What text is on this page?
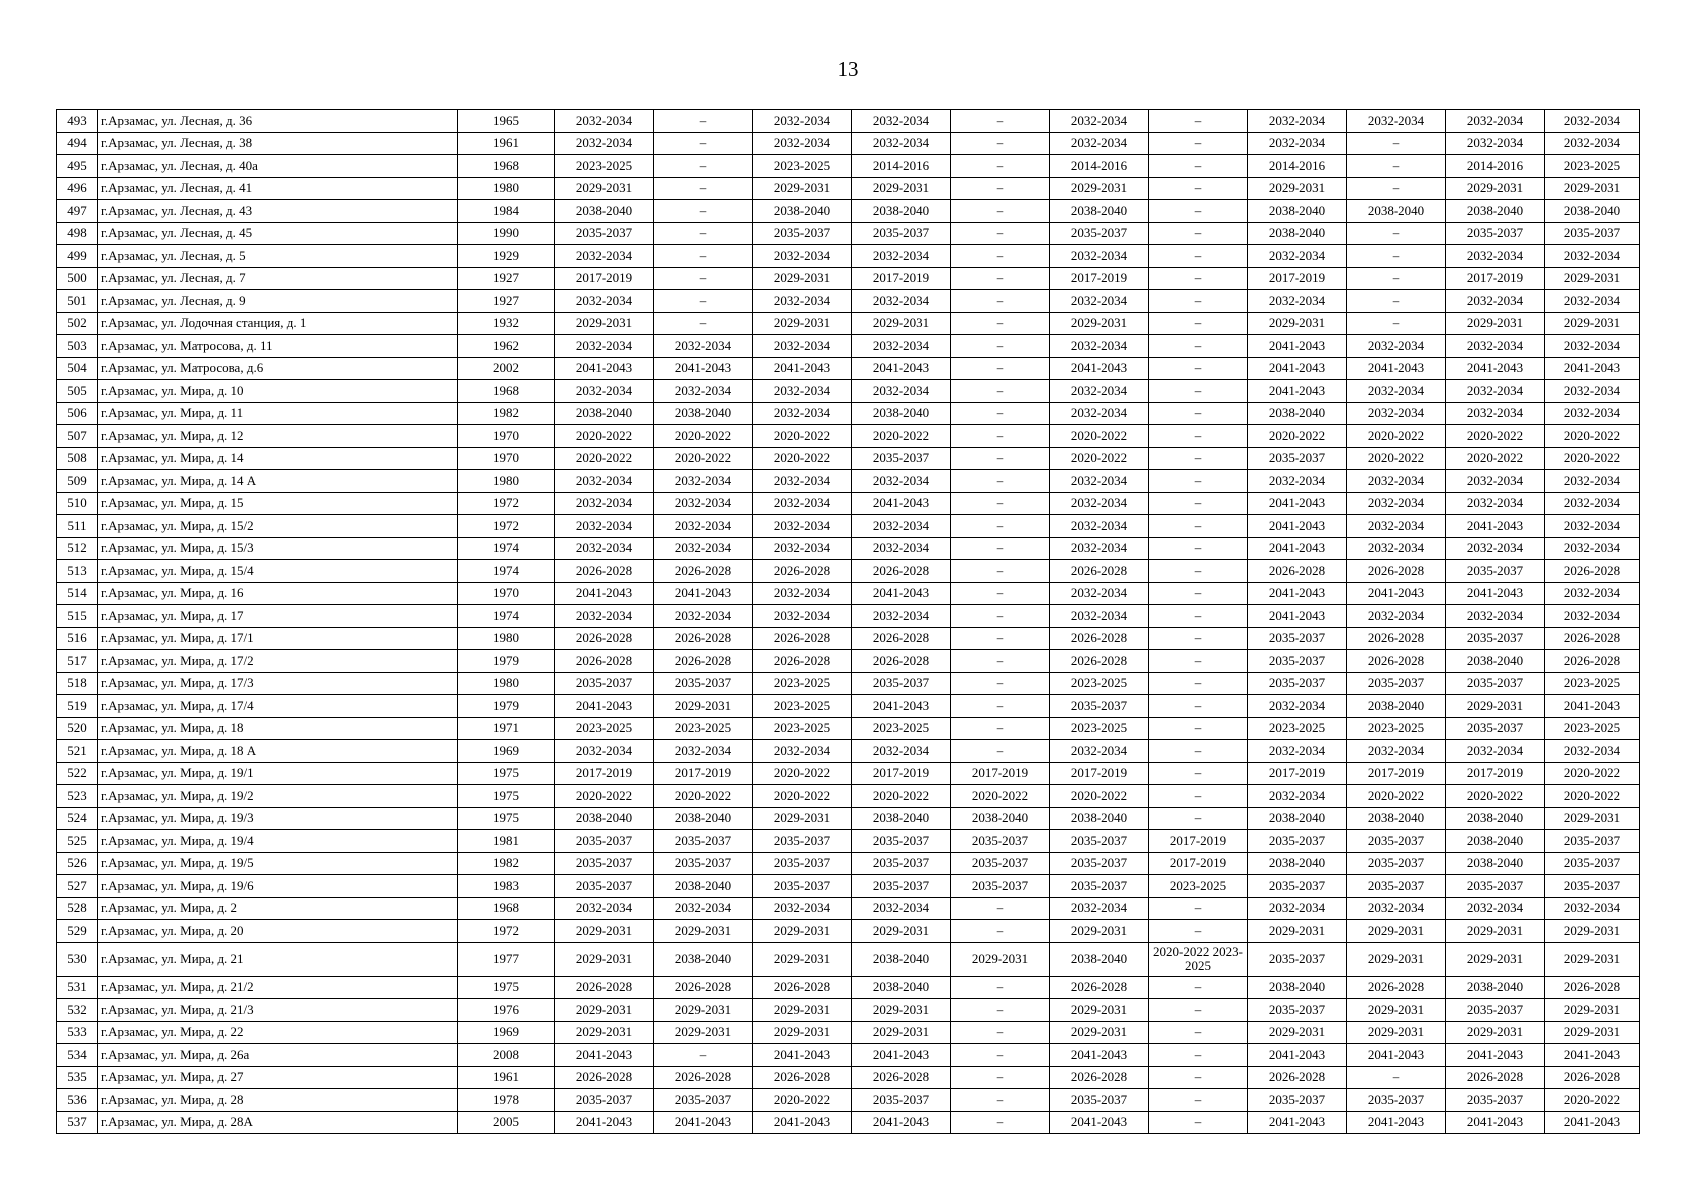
13
493	г.Арзамас, ул. Лесная, д. 36	1965	2032-2034	–	2032-2034	2032-2034	–	2032-2034	–	2032-2034	2032-2034	2032-2034	2032-2034
494	г.Арзамас, ул. Лесная, д. 38	1961	2032-2034	–	2032-2034	2032-2034	–	2032-2034	–	2032-2034	–	2032-2034	2032-2034
495	г.Арзамас, ул. Лесная, д. 40а	1968	2023-2025	–	2023-2025	2014-2016	–	2014-2016	–	2014-2016	–	2014-2016	2023-2025
496	г.Арзамас, ул. Лесная, д. 41	1980	2029-2031	–	2029-2031	2029-2031	–	2029-2031	–	2029-2031	–	2029-2031	2029-2031
497	г.Арзамас, ул. Лесная, д. 43	1984	2038-2040	–	2038-2040	2038-2040	–	2038-2040	–	2038-2040	2038-2040	2038-2040	2038-2040
498	г.Арзамас, ул. Лесная, д. 45	1990	2035-2037	–	2035-2037	2035-2037	–	2035-2037	–	2038-2040	–	2035-2037	2035-2037
499	г.Арзамас, ул. Лесная, д. 5	1929	2032-2034	–	2032-2034	2032-2034	–	2032-2034	–	2032-2034	–	2032-2034	2032-2034
500	г.Арзамас, ул. Лесная, д. 7	1927	2017-2019	–	2029-2031	2017-2019	–	2017-2019	–	2017-2019	–	2017-2019	2029-2031
501	г.Арзамас, ул. Лесная, д. 9	1927	2032-2034	–	2032-2034	2032-2034	–	2032-2034	–	2032-2034	–	2032-2034	2032-2034
502	г.Арзамас, ул. Лодочная станция, д. 1	1932	2029-2031	–	2029-2031	2029-2031	–	2029-2031	–	2029-2031	–	2029-2031	2029-2031
503	г.Арзамас, ул. Матросова, д. 11	1962	2032-2034	2032-2034	2032-2034	2032-2034	–	2032-2034	–	2041-2043	2032-2034	2032-2034	2032-2034
504	г.Арзамас, ул. Матросова, д.6	2002	2041-2043	2041-2043	2041-2043	2041-2043	–	2041-2043	–	2041-2043	2041-2043	2041-2043	2041-2043
505	г.Арзамас, ул. Мира, д. 10	1968	2032-2034	2032-2034	2032-2034	2032-2034	–	2032-2034	–	2041-2043	2032-2034	2032-2034	2032-2034
506	г.Арзамас, ул. Мира, д. 11	1982	2038-2040	2038-2040	2032-2034	2038-2040	–	2032-2034	–	2038-2040	2032-2034	2032-2034	2032-2034
507	г.Арзамас, ул. Мира, д. 12	1970	2020-2022	2020-2022	2020-2022	2020-2022	–	2020-2022	–	2020-2022	2020-2022	2020-2022	2020-2022
508	г.Арзамас, ул. Мира, д. 14	1970	2020-2022	2020-2022	2020-2022	2035-2037	–	2020-2022	–	2035-2037	2020-2022	2020-2022	2020-2022
509	г.Арзамас, ул. Мира, д. 14 А	1980	2032-2034	2032-2034	2032-2034	2032-2034	–	2032-2034	–	2032-2034	2032-2034	2032-2034	2032-2034
510	г.Арзамас, ул. Мира, д. 15	1972	2032-2034	2032-2034	2032-2034	2041-2043	–	2032-2034	–	2041-2043	2032-2034	2032-2034	2032-2034
511	г.Арзамас, ул. Мира, д. 15/2	1972	2032-2034	2032-2034	2032-2034	2032-2034	–	2032-2034	–	2041-2043	2032-2034	2041-2043	2032-2034
512	г.Арзамас, ул. Мира, д. 15/3	1974	2032-2034	2032-2034	2032-2034	2032-2034	–	2032-2034	–	2041-2043	2032-2034	2032-2034	2032-2034
513	г.Арзамас, ул. Мира, д. 15/4	1974	2026-2028	2026-2028	2026-2028	2026-2028	–	2026-2028	–	2026-2028	2026-2028	2035-2037	2026-2028
514	г.Арзамас, ул. Мира, д. 16	1970	2041-2043	2041-2043	2032-2034	2041-2043	–	2032-2034	–	2041-2043	2041-2043	2041-2043	2032-2034
515	г.Арзамас, ул. Мира, д. 17	1974	2032-2034	2032-2034	2032-2034	2032-2034	–	2032-2034	–	2041-2043	2032-2034	2032-2034	2032-2034
516	г.Арзамас, ул. Мира, д. 17/1	1980	2026-2028	2026-2028	2026-2028	2026-2028	–	2026-2028	–	2035-2037	2026-2028	2035-2037	2026-2028
517	г.Арзамас, ул. Мира, д. 17/2	1979	2026-2028	2026-2028	2026-2028	2026-2028	–	2026-2028	–	2035-2037	2026-2028	2038-2040	2026-2028
518	г.Арзамас, ул. Мира, д. 17/3	1980	2035-2037	2035-2037	2023-2025	2035-2037	–	2023-2025	–	2035-2037	2035-2037	2035-2037	2023-2025
519	г.Арзамас, ул. Мира, д. 17/4	1979	2041-2043	2029-2031	2023-2025	2041-2043	–	2035-2037	–	2032-2034	2038-2040	2029-2031	2041-2043
520	г.Арзамас, ул. Мира, д. 18	1971	2023-2025	2023-2025	2023-2025	2023-2025	–	2023-2025	–	2023-2025	2023-2025	2035-2037	2023-2025
521	г.Арзамас, ул. Мира, д. 18 А	1969	2032-2034	2032-2034	2032-2034	2032-2034	–	2032-2034	–	2032-2034	2032-2034	2032-2034	2032-2034
522	г.Арзамас, ул. Мира, д. 19/1	1975	2017-2019	2017-2019	2020-2022	2017-2019	2017-2019	2017-2019	–	2017-2019	2017-2019	2017-2019	2020-2022
523	г.Арзамас, ул. Мира, д. 19/2	1975	2020-2022	2020-2022	2020-2022	2020-2022	2020-2022	2020-2022	–	2032-2034	2020-2022	2020-2022	2020-2022
524	г.Арзамас, ул. Мира, д. 19/3	1975	2038-2040	2038-2040	2029-2031	2038-2040	2038-2040	2038-2040	–	2038-2040	2038-2040	2038-2040	2029-2031
525	г.Арзамас, ул. Мира, д. 19/4	1981	2035-2037	2035-2037	2035-2037	2035-2037	2035-2037	2035-2037	2017-2019	2035-2037	2035-2037	2038-2040	2035-2037
526	г.Арзамас, ул. Мира, д. 19/5	1982	2035-2037	2035-2037	2035-2037	2035-2037	2035-2037	2035-2037	2017-2019	2038-2040	2035-2037	2038-2040	2035-2037
527	г.Арзамас, ул. Мира, д. 19/6	1983	2035-2037	2038-2040	2035-2037	2035-2037	2035-2037	2035-2037	2023-2025	2035-2037	2035-2037	2035-2037	2035-2037
528	г.Арзамас, ул. Мира, д. 2	1968	2032-2034	2032-2034	2032-2034	2032-2034	–	2032-2034	–	2032-2034	2032-2034	2032-2034	2032-2034
529	г.Арзамас, ул. Мира, д. 20	1972	2029-2031	2029-2031	2029-2031	2029-2031	–	2029-2031	–	2029-2031	2029-2031	2029-2031	2029-2031
530	г.Арзамас, ул. Мира, д. 21	1977	2029-2031	2038-2040	2029-2031	2038-2040	2029-2031	2038-2040	2020-2022 2023-2025	2035-2037	2029-2031	2029-2031	2029-2031
531	г.Арзамас, ул. Мира, д. 21/2	1975	2026-2028	2026-2028	2026-2028	2038-2040	–	2026-2028	–	2038-2040	2026-2028	2038-2040	2026-2028
532	г.Арзамас, ул. Мира, д. 21/3	1976	2029-2031	2029-2031	2029-2031	2029-2031	–	2029-2031	–	2035-2037	2029-2031	2035-2037	2029-2031
533	г.Арзамас, ул. Мира, д. 22	1969	2029-2031	2029-2031	2029-2031	2029-2031	–	2029-2031	–	2029-2031	2029-2031	2029-2031	2029-2031
534	г.Арзамас, ул. Мира, д. 26а	2008	2041-2043	–	2041-2043	2041-2043	–	2041-2043	–	2041-2043	2041-2043	2041-2043	2041-2043
535	г.Арзамас, ул. Мира, д. 27	1961	2026-2028	2026-2028	2026-2028	2026-2028	–	2026-2028	–	2026-2028	–	2026-2028	2026-2028
536	г.Арзамас, ул. Мира, д. 28	1978	2035-2037	2035-2037	2020-2022	2035-2037	–	2035-2037	–	2035-2037	2035-2037	2035-2037	2020-2022
537	г.Арзамас, ул. Мира, д. 28А	2005	2041-2043	2041-2043	2041-2043	2041-2043	–	2041-2043	–	2041-2043	2041-2043	2041-2043	2041-2043
